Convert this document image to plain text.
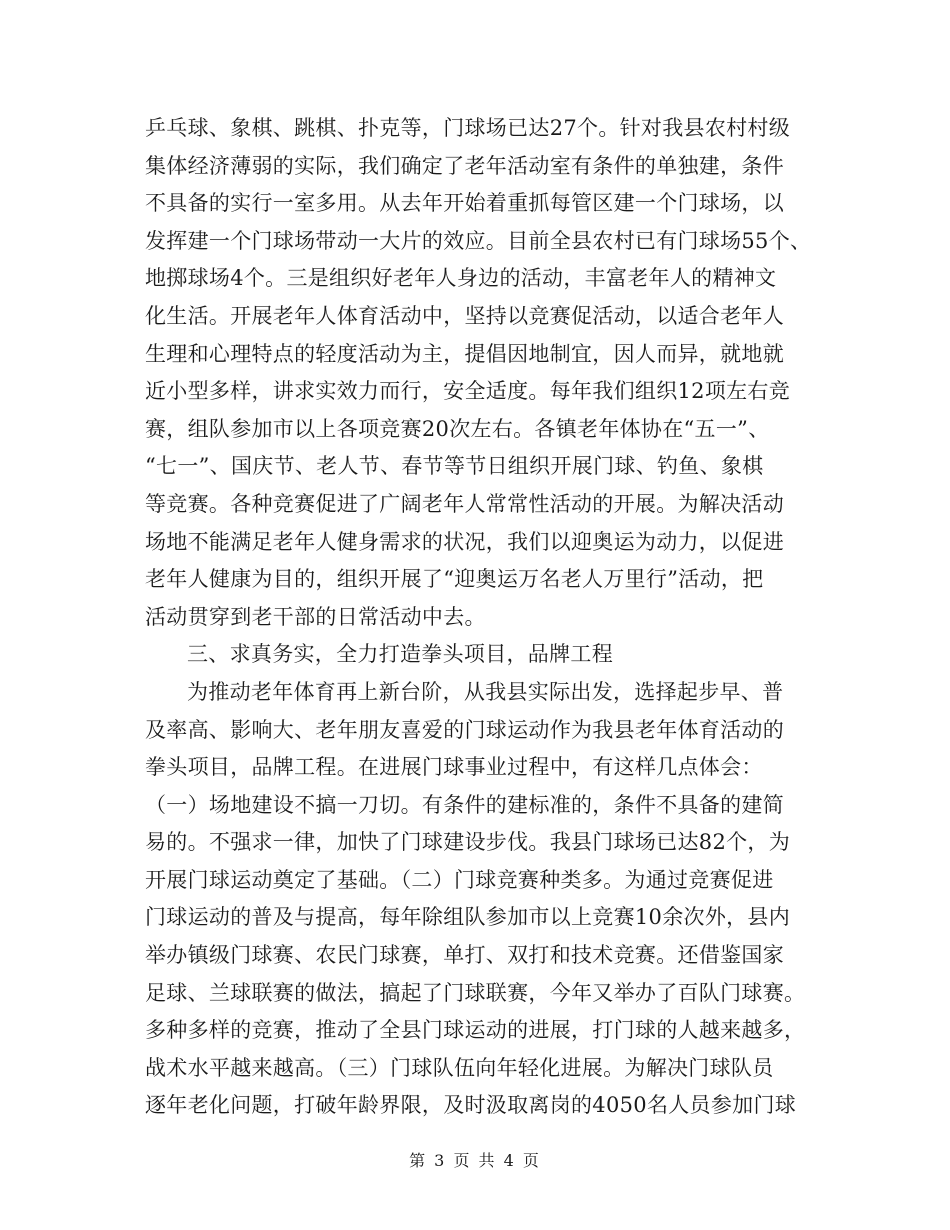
乒乓球、象棋、跳棋、扑克等，门球场已达27个。针对我县农村村级
集体经济薄弱的实际，我们确定了老年活动室有条件的单独建，条件
不具备的实行一室多用。从去年开始着重抓每管区建一个门球场，以
发挥建一个门球场带动一大片的效应。目前全县农村已有门球场55个、
地掷球场4个。三是组织好老年人身边的活动，丰富老年人的精神文
化生活。开展老年人体育活动中，坚持以竞赛促活动，以适合老年人
生理和心理特点的轻度活动为主，提倡因地制宜，因人而异，就地就
近小型多样，讲求实效力而行，安全适度。每年我们组织12项左右竞
赛，组队参加市以上各项竞赛20次左右。各镇老年体协在“五一”、
“七一”、国庆节、老人节、春节等节日组织开展门球、钓鱼、象棋
等竞赛。各种竞赛促进了广阔老年人常常性活动的开展。为解决活动
场地不能满足老年人健身需求的状况，我们以迎奥运为动力，以促进
老年人健康为目的，组织开展了“迎奥运万名老人万里行”活动，把
活动贯穿到老干部的日常活动中去。
三、求真务实，全力打造拳头项目，品牌工程
为推动老年体育再上新台阶，从我县实际出发，选择起步早、普
及率高、影响大、老年朋友喜爱的门球运动作为我县老年体育活动的
拳头项目，品牌工程。在进展门球事业过程中，有这样几点体会：
（一）场地建设不搞一刀切。有条件的建标准的，条件不具备的建简
易的。不强求一律，加快了门球建设步伐。我县门球场已达82个，为
开展门球运动奠定了基础。（二）门球竞赛种类多。为通过竞赛促进
门球运动的普及与提高，每年除组队参加市以上竞赛10余次外，县内
举办镇级门球赛、农民门球赛，单打、双打和技术竞赛。还借鉴国家
足球、兰球联赛的做法，搞起了门球联赛，今年又举办了百队门球赛。
多种多样的竞赛，推动了全县门球运动的进展，打门球的人越来越多，
战术水平越来越高。（三）门球队伍向年轻化进展。为解决门球队员
逐年老化问题，打破年龄界限，及时汲取离岗的4050名人员参加门球
第 3 页 共 4 页
